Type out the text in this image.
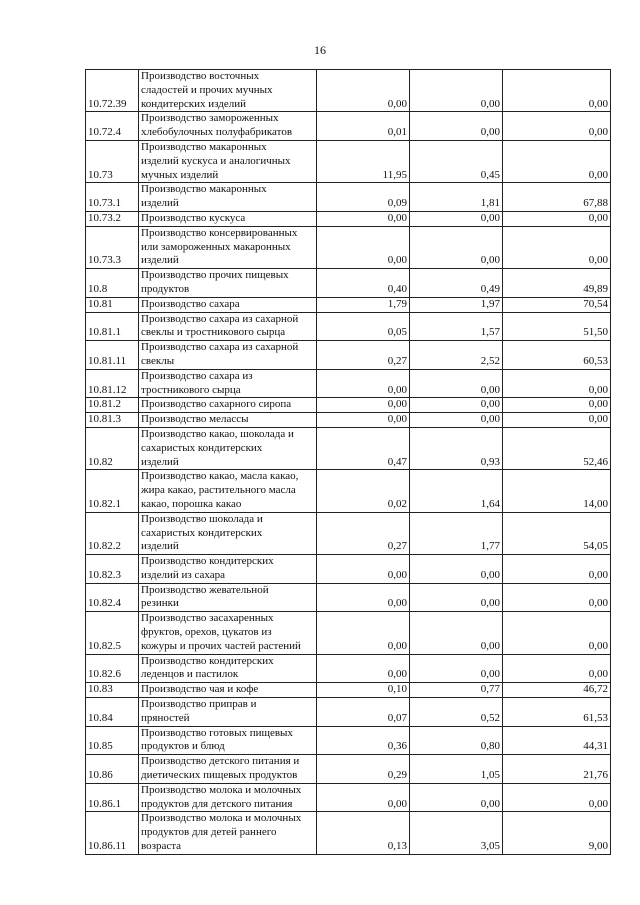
16
10.72.39	Производство восточных
сладостей и прочих мучных
кондитерских изделий	0,00	0,00	0,00
10.72.4	Производство замороженных
хлебобулочных полуфабрикатов	0,01	0,00	0,00
10.73	Производство макаронных
изделий кускуса и аналогичных
мучных изделий	11,95	0,45	0,00
10.73.1	Производство макаронных
изделий	0,09	1,81	67,88
10.73.2	Производство кускуса	0,00	0,00	0,00
10.73.3	Производство консервированных
или замороженных макаронных
изделий	0,00	0,00	0,00
10.8	Производство прочих пищевых
продуктов	0,40	0,49	49,89
10.81	Производство сахара	1,79	1,97	70,54
10.81.1	Производство сахара из сахарной
свеклы и тростникового сырца	0,05	1,57	51,50
10.81.11	Производство сахара из сахарной
свеклы	0,27	2,52	60,53
10.81.12	Производство сахара из
тростникового сырца	0,00	0,00	0,00
10.81.2	Производство сахарного сиропа	0,00	0,00	0,00
10.81.3	Производство мелассы	0,00	0,00	0,00
10.82	Производство какао, шоколада и
сахаристых кондитерских
изделий	0,47	0,93	52,46
10.82.1	Производство какао, масла какао,
жира какао, растительного масла
какао, порошка какао	0,02	1,64	14,00
10.82.2	Производство шоколада и
сахаристых кондитерских
изделий	0,27	1,77	54,05
10.82.3	Производство кондитерских
изделий из сахара	0,00	0,00	0,00
10.82.4	Производство жевательной
резинки	0,00	0,00	0,00
10.82.5	Производство засахаренных
фруктов, орехов, цукатов из
кожуры и прочих частей растений	0,00	0,00	0,00
10.82.6	Производство кондитерских
леденцов и пастилок	0,00	0,00	0,00
10.83	Производство чая и кофе	0,10	0,77	46,72
10.84	Производство приправ и
пряностей	0,07	0,52	61,53
10.85	Производство готовых пищевых
продуктов и блюд	0,36	0,80	44,31
10.86	Производство детского питания и
диетических пищевых продуктов	0,29	1,05	21,76
10.86.1	Производство молока и молочных
продуктов для детского питания	0,00	0,00	0,00
10.86.11	Производство молока и молочных
продуктов для детей раннего
возраста	0,13	3,05	9,00
